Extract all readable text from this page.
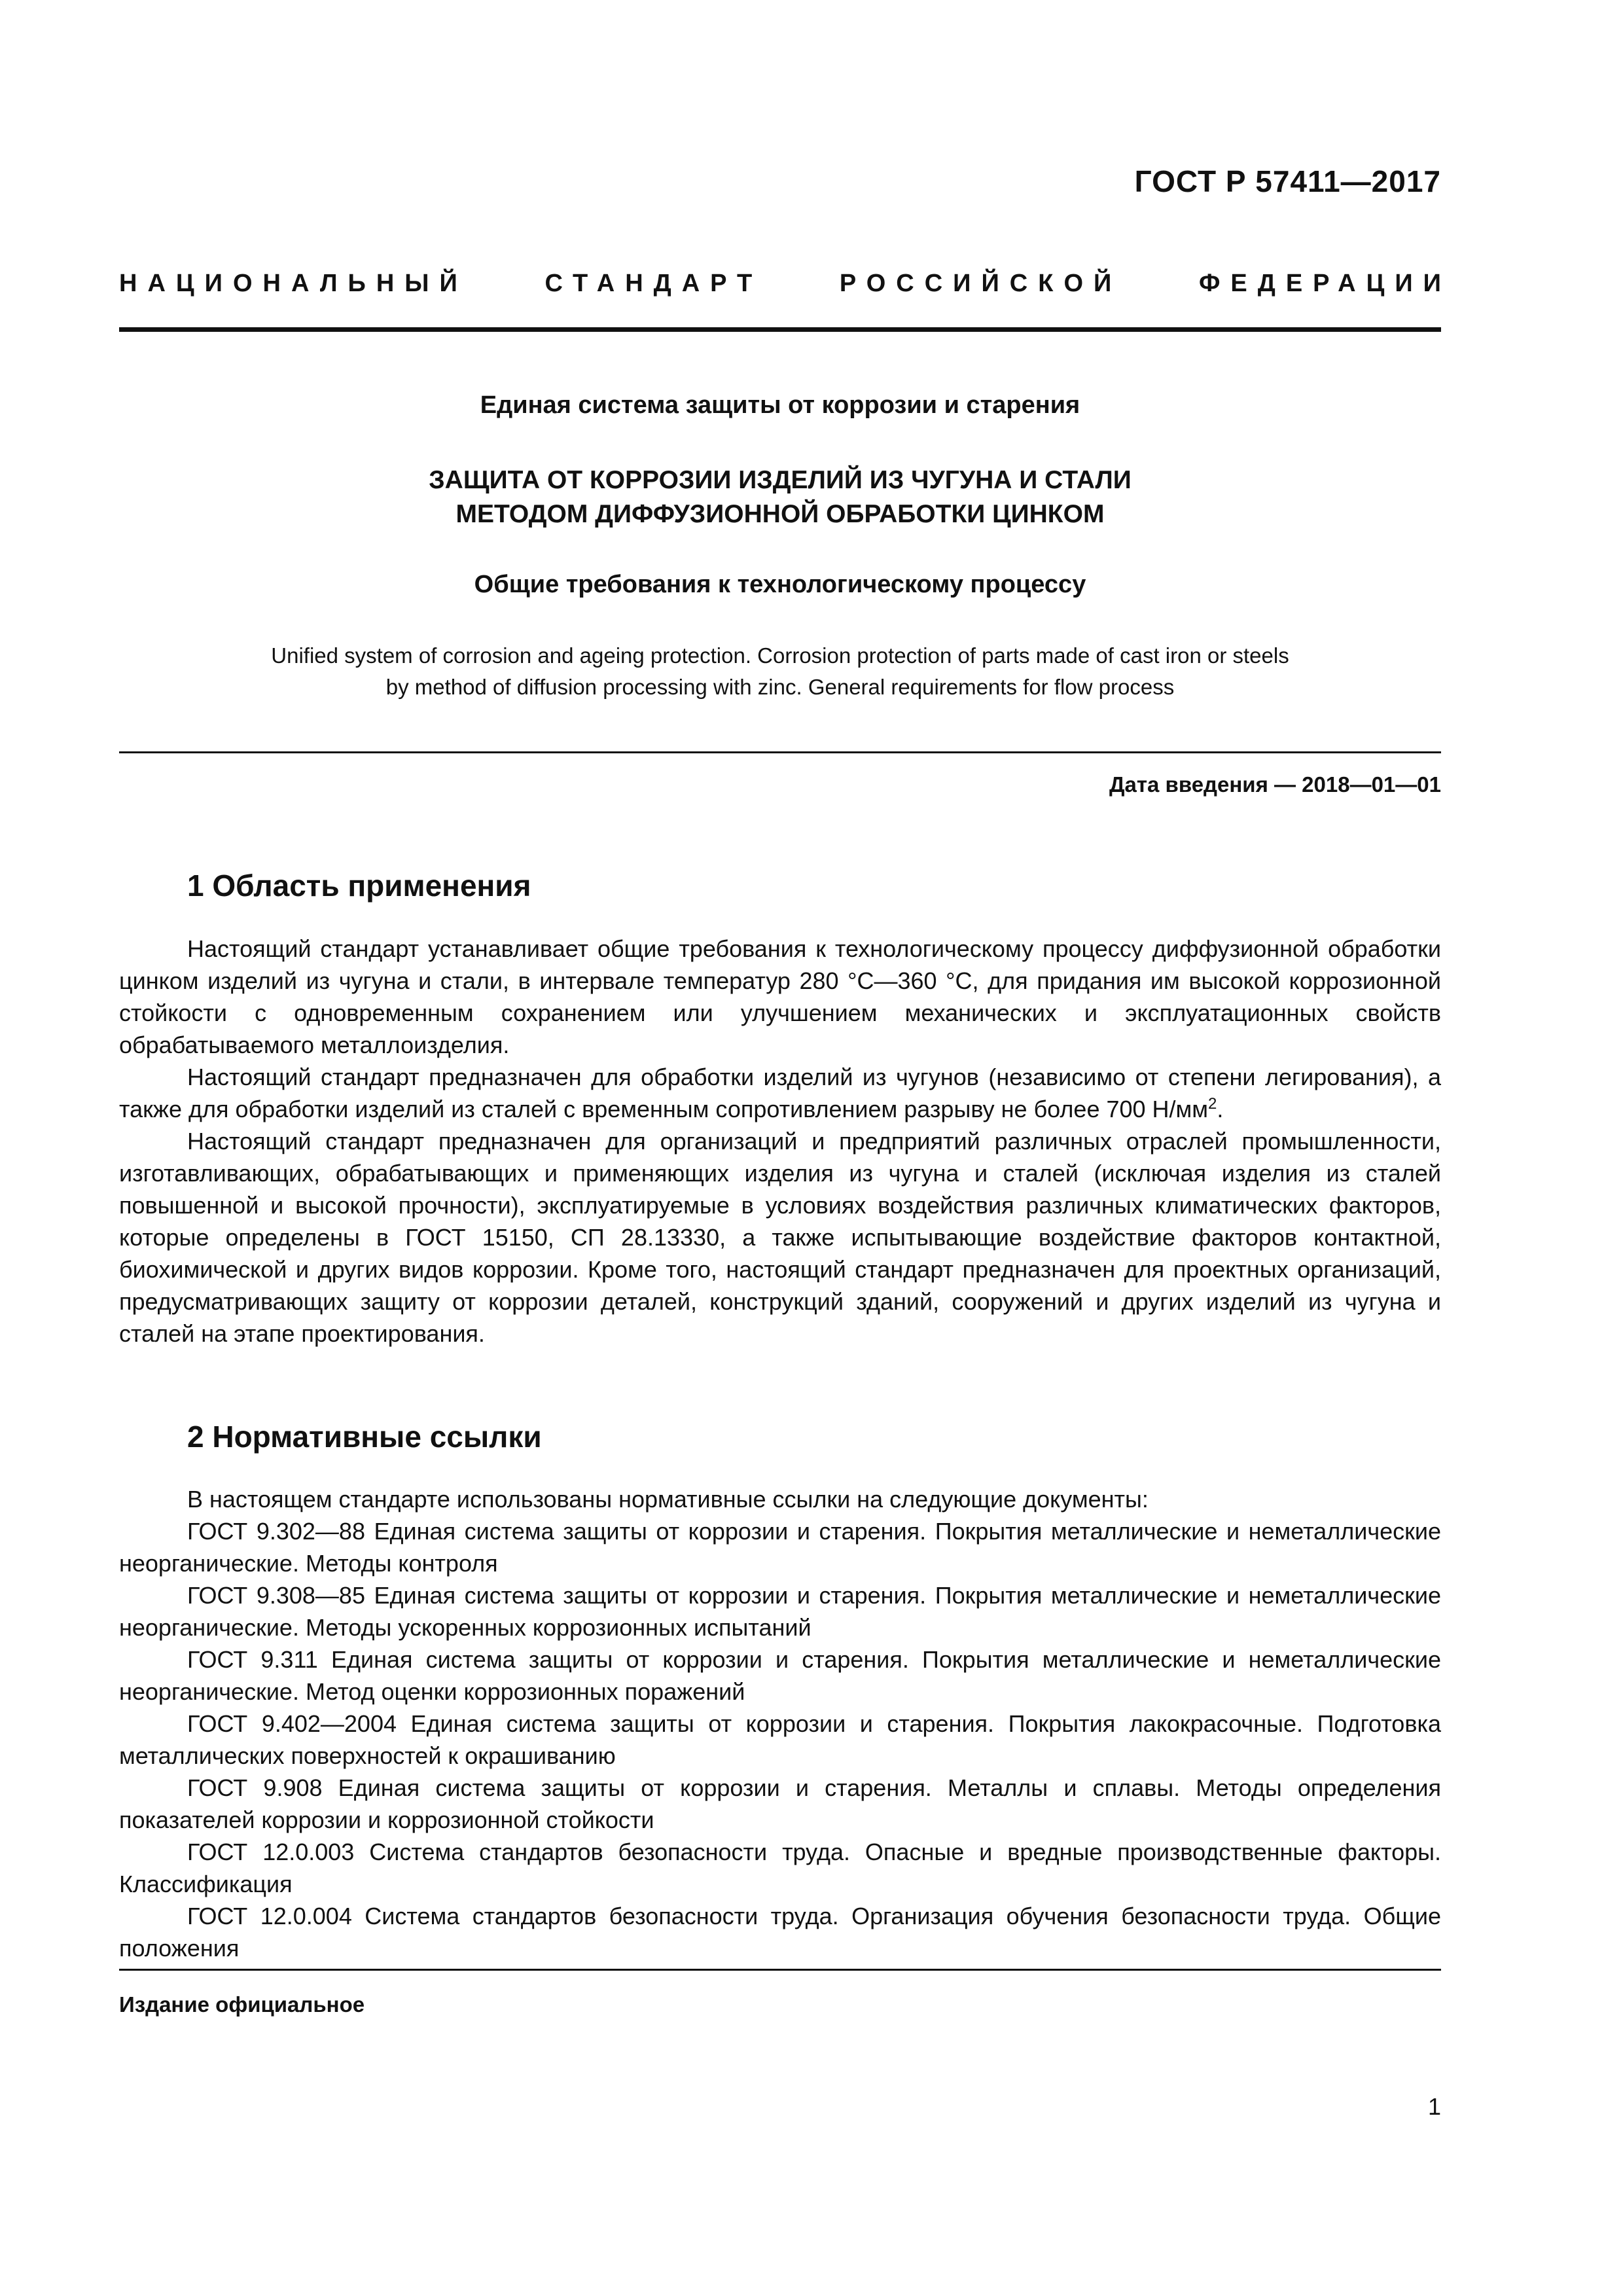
ГОСТ Р 57411—2017
НАЦИОНАЛЬНЫЙ	СТАНДАРТ	РОССИЙСКОЙ	ФЕДЕРАЦИИ
Единая система защиты от коррозии и старения
ЗАЩИТА ОТ КОРРОЗИИ ИЗДЕЛИЙ ИЗ ЧУГУНА И СТАЛИ
МЕТОДОМ ДИФФУЗИОННОЙ ОБРАБОТКИ ЦИНКОМ
Общие требования к технологическому процессу
Unified system of corrosion and ageing protection. Corrosion protection of parts made of cast iron or steels
by method of diffusion processing with zinc. General requirements for flow process
Дата введения — 2018—01—01
1 Область применения

Настоящий стандарт устанавливает общие требования к технологическому процессу диффузионной обработки цинком изделий из чугуна и стали, в интервале температур 280 °С—360 °С, для придания им высокой коррозионной стойкости с одновременным сохранением или улучшением механических и эксплуатационных свойств обрабатываемого металлоизделия.

Настоящий стандарт предназначен для обработки изделий из чугунов (независимо от степени легирования), а также для обработки изделий из сталей с временным сопротивлением разрыву не более 700 $Н/мм^2$.

Настоящий стандарт предназначен для организаций и предприятий различных отраслей промышленности, изготавливающих, обрабатывающих и применяющих изделия из чугуна и сталей (исключая изделия из сталей повышенной и высокой прочности), эксплуатируемые в условиях воздействия различных климатических факторов, которые определены в ГОСТ 15150, СП 28.13330, а также испытывающие воздействие факторов контактной, биохимической и других видов коррозии. Кроме того, настоящий стандарт предназначен для проектных организаций, предусматривающих защиту от коррозии деталей, конструкций зданий, сооружений и других изделий из чугуна и сталей на этапе проектирования.

2 Нормативные ссылки

В настоящем стандарте использованы нормативные ссылки на следующие документы:

ГОСТ 9.302—88 Единая система защиты от коррозии и старения. Покрытия металлические и неметаллические неорганические. Методы контроля

ГОСТ 9.308—85 Единая система защиты от коррозии и старения. Покрытия металлические и неметаллические неорганические. Методы ускоренных коррозионных испытаний

ГОСТ 9.311 Единая система защиты от коррозии и старения. Покрытия металлические и неметаллические неорганические. Метод оценки коррозионных поражений

ГОСТ 9.402—2004 Единая система защиты от коррозии и старения. Покрытия лакокрасочные. Подготовка металлических поверхностей к окрашиванию

ГОСТ 9.908 Единая система защиты от коррозии и старения. Металлы и сплавы. Методы определения показателей коррозии и коррозионной стойкости

ГОСТ 12.0.003 Система стандартов безопасности труда. Опасные и вредные производственные факторы. Классификация

ГОСТ 12.0.004 Система стандартов безопасности труда. Организация обучения безопасности труда. Общие положения

Издание официальное
1
